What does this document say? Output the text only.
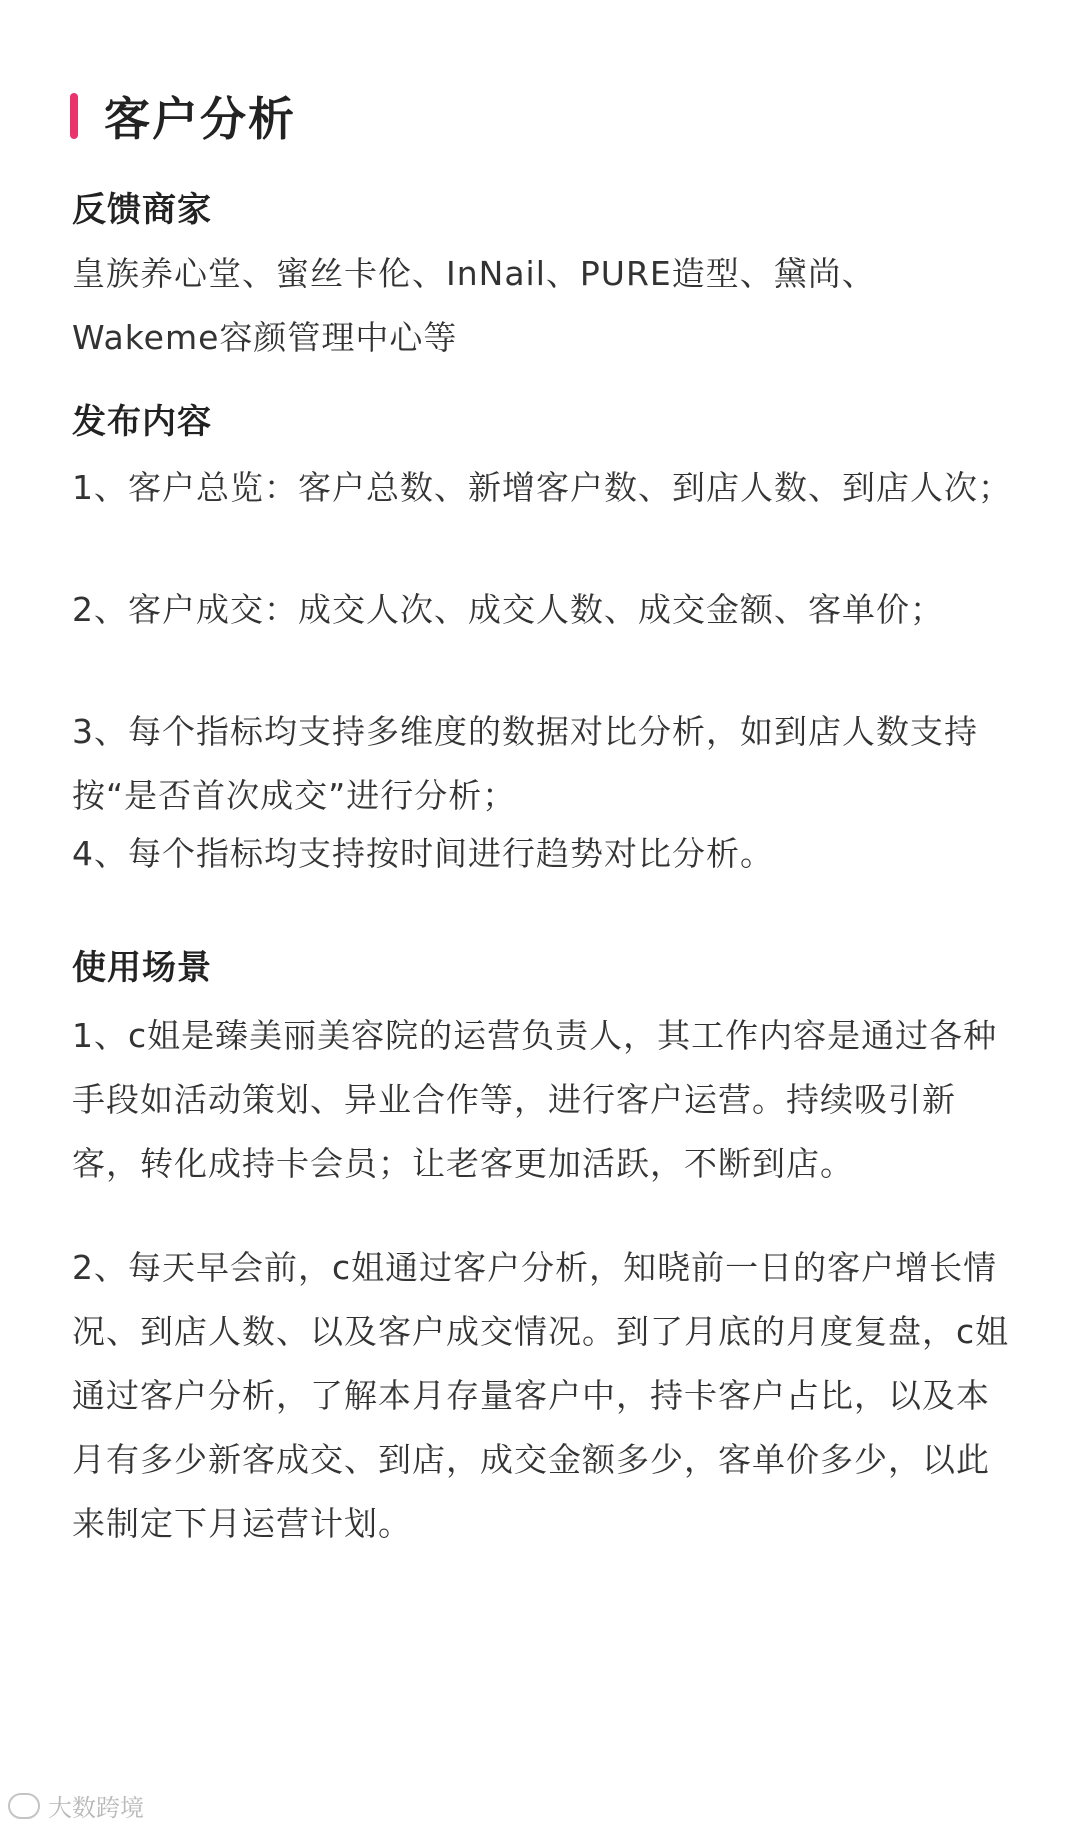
客户分析
反馈商家
皇族养心堂、蜜丝卡伦、InNail、PURE造型、黛尚、Wakeme容颜管理中心等
发布内容
1、客户总览：客户总数、新增客户数、到店人数、到店人次；
2、客户成交：成交人次、成交人数、成交金额、客单价；
3、每个指标均支持多维度的数据对比分析，如到店人数支持按“是否首次成交”进行分析；
4、每个指标均支持按时间进行趋势对比分析。
使用场景
1、c姐是臻美丽美容院的运营负责人，其工作内容是通过各种手段如活动策划、异业合作等，进行客户运营。持续吸引新客，转化成持卡会员；让老客更加活跃，不断到店。
2、每天早会前，c姐通过客户分析，知晓前一日的客户增长情况、到店人数、以及客户成交情况。到了月底的月度复盘，c姐通过客户分析，了解本月存量客户中，持卡客户占比，以及本月有多少新客成交、到店，成交金额多少，客单价多少，以此来制定下月运营计划。
大数跨境
